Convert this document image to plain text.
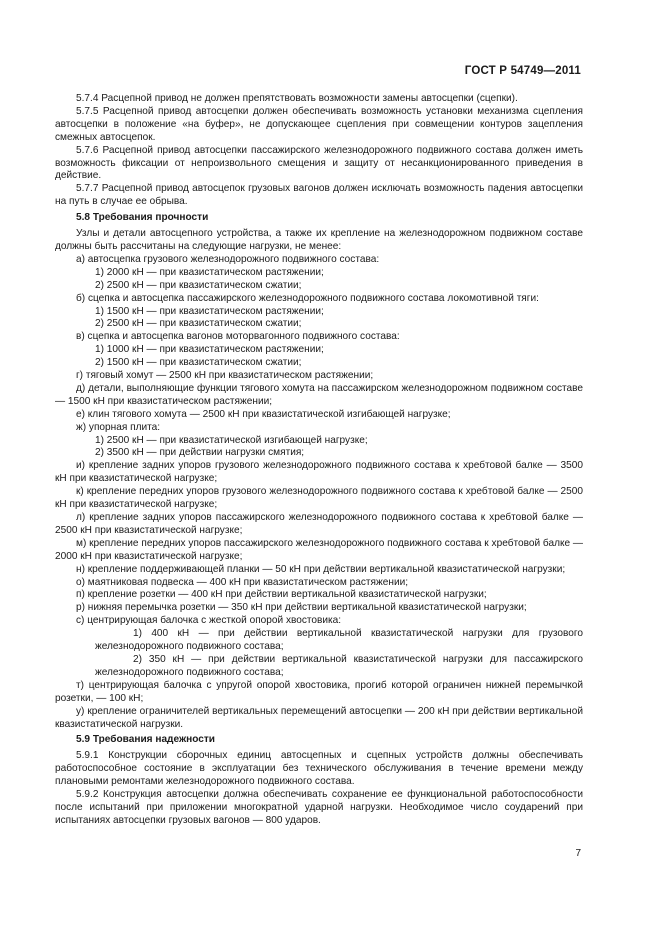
ГОСТ Р 54749—2011

5.7.4 Расцепной привод не должен препятствовать возможности замены автосцепки (сцепки).

5.7.5 Расцепной привод автосцепки должен обеспечивать возможность установки механизма сцепления автосцепки в положение «на буфер», не допускающее сцепления при совмещении контуров зацепления смежных автосцепок.

5.7.6 Расцепной привод автосцепки пассажирского железнодорожного подвижного состава должен иметь возможность фиксации от непроизвольного смещения и защиту от несанкционированного приведения в действие.

5.7.7 Расцепной привод автосцепок грузовых вагонов должен исключать возможность падения автосцепки на путь в случае ее обрыва.

5.8 Требования прочности

Узлы и детали автосцепного устройства, а также их крепление на железнодорожном подвижном составе должны быть рассчитаны на следующие нагрузки, не менее:

а) автосцепка грузового железнодорожного подвижного состава:

1) 2000 кН — при квазистатическом растяжении;

2) 2500 кН — при квазистатическом сжатии;

б) сцепка и автосцепка пассажирского железнодорожного подвижного состава локомотивной тяги:

1) 1500 кН — при квазистатическом растяжении;

2) 2500 кН — при квазистатическом сжатии;

в) сцепка и автосцепка вагонов моторвагонного подвижного состава:

1) 1000 кН — при квазистатическом растяжении;

2) 1500 кН — при квазистатическом сжатии;

г) тяговый хомут — 2500 кН при квазистатическом растяжении;

д) детали, выполняющие функции тягового хомута на пассажирском железнодорожном подвижном составе — 1500 кН при квазистатическом растяжении;

е) клин тягового хомута — 2500 кН при квазистатической изгибающей нагрузке;

ж) упорная плита:

1) 2500 кН — при квазистатической изгибающей нагрузке;

2) 3500 кН — при действии нагрузки смятия;

и) крепление задних упоров грузового железнодорожного подвижного состава к хребтовой балке — 3500 кН при квазистатической нагрузке;

к) крепление передних упоров грузового железнодорожного подвижного состава к хребтовой балке — 2500 кН при квазистатической нагрузке;

л) крепление задних упоров пассажирского железнодорожного подвижного состава к хребтовой балке — 2500 кН при квазистатической нагрузке;

м) крепление передних упоров пассажирского железнодорожного подвижного состава к хребтовой балке — 2000 кН при квазистатической нагрузке;

н) крепление поддерживающей планки — 50 кН при действии вертикальной квазистатической нагрузки;

о) маятниковая подвеска — 400 кН при квазистатическом растяжении;

п) крепление розетки — 400 кН при действии вертикальной квазистатической нагрузки;

р) нижняя перемычка розетки — 350 кН при действии вертикальной квазистатической нагрузки;

с) центрирующая балочка с жесткой опорой хвостовика:

1) 400 кН — при действии вертикальной квазистатической нагрузки для грузового железнодорожного подвижного состава;

2) 350 кН — при действии вертикальной квазистатической нагрузки для пассажирского железнодорожного подвижного состава;

т) центрирующая балочка с упругой опорой хвостовика, прогиб которой ограничен нижней перемычкой розетки, — 100 кН;

у) крепление ограничителей вертикальных перемещений автосцепки — 200 кН при действии вертикальной квазистатической нагрузки.

5.9 Требования надежности

5.9.1 Конструкции сборочных единиц автосцепных и сцепных устройств должны обеспечивать работоспособное состояние в эксплуатации без технического обслуживания в течение времени между плановыми ремонтами железнодорожного подвижного состава.

5.9.2 Конструкция автосцепки должна обеспечивать сохранение ее функциональной работоспособности после испытаний при приложении многократной ударной нагрузки. Необходимое число соударений при испытаниях автосцепки грузовых вагонов — 800 ударов.

7
